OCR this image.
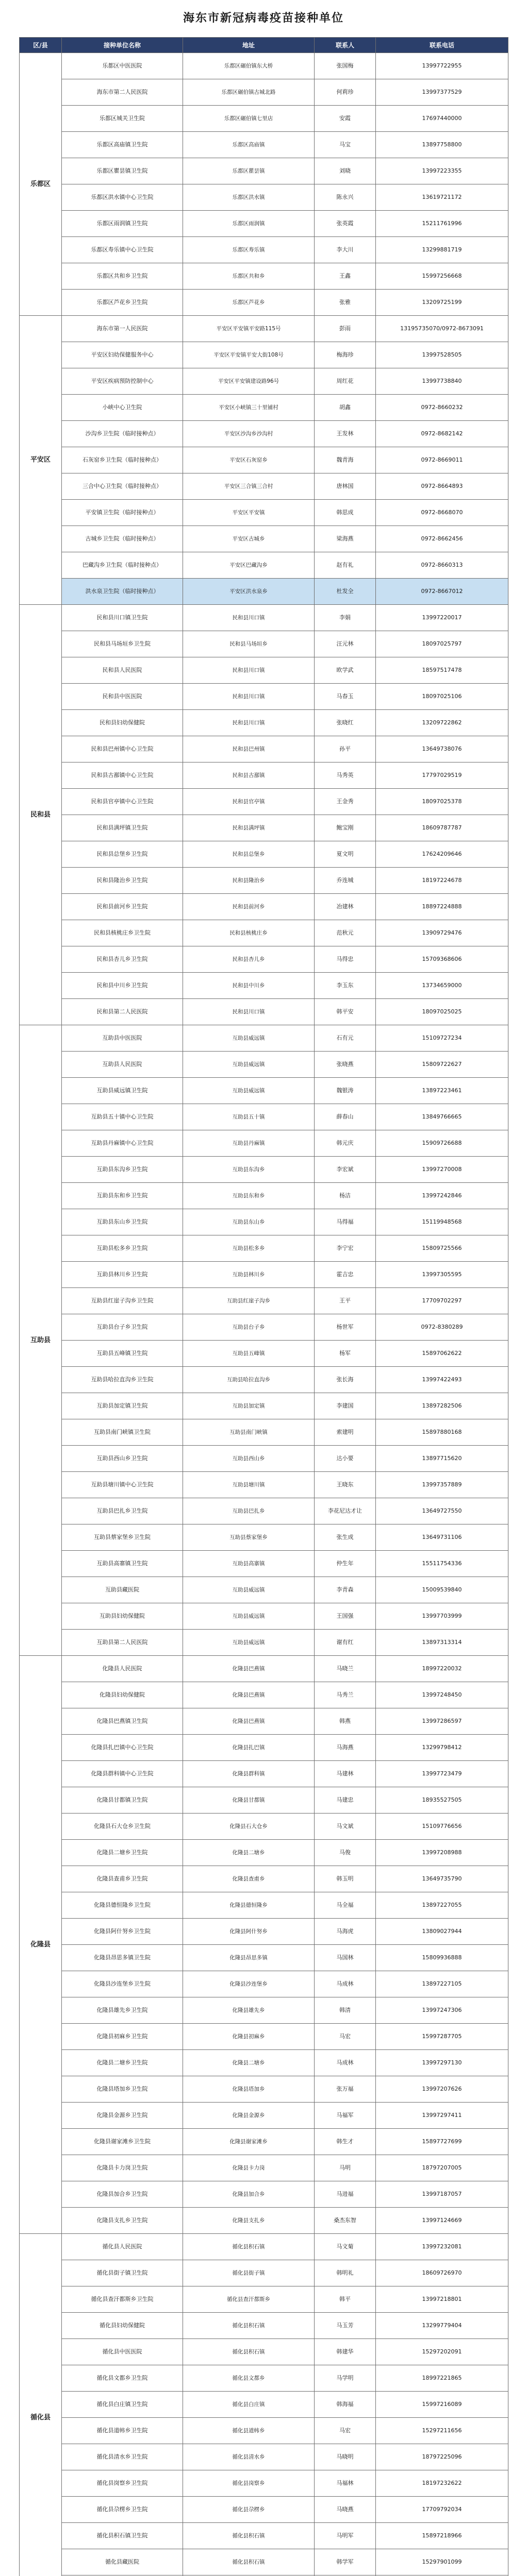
海东市新冠病毒疫苗接种单位
区/县	接种单位名称	地址	联系人	联系电话
乐都区	乐都区中医医院	乐都区碾伯镇东大桥	张国梅	13997722955
	海东市第二人民医院	乐都区碾伯镇古城北路	何莉珍	13997377529
	乐都区城关卫生院	乐都区碾伯镇七里店	安霞	17697440000
	乐都区高庙镇卫生院	乐都区高庙镇	马宝	13897758800
	乐都区瞿昙镇卫生院	乐都区瞿昙镇	刘晓	13997223355
	乐都区洪水镇中心卫生院	乐都区洪水镇	陈永兴	13619721172
	乐都区雨润镇卫生院	乐都区雨润镇	张英霞	15211761996
	乐都区寿乐镇中心卫生院	乐都区寿乐镇	李大川	13299881719
	乐都区共和乡卫生院	乐都区共和乡	王鑫	15997256668
	乐都区芦花乡卫生院	乐都区芦花乡	张雅	13209725199
平安区	海东市第一人民医院	平安区平安镇平安路115号	彭雨	13195735070/0972-8673091
	平安区妇幼保健服务中心	平安区平安镇平安大街108号	梅海珍	13997528505
	平安区疾病预防控制中心	平安区平安镇建设路96号	周红花	13997738840
	小峡中心卫生院	平安区小峡镇三十里铺村	胡鑫	0972-8660232
	沙沟乡卫生院（临时接种点）	平安区沙沟乡沙沟村	王发林	0972-8682142
	石灰窑乡卫生院（临时接种点）	平安区石灰窑乡	魏青海	0972-8669011
	三合中心卫生院（临时接种点）	平安区三合镇三合村	唐林国	0972-8664893
	平安镇卫生院（临时接种点）	平安区平安镇	韩思成	0972-8668070
	古城乡卫生院（临时接种点）	平安区古城乡	梁海燕	0972-8662456
	巴藏沟乡卫生院（临时接种点）	平安区巴藏沟乡	赵有礼	0972-8660313
	洪水泉卫生院（临时接种点）	平安区洪水泉乡	杜发全	0972-8667012
民和县	民和县川口镇卫生院	民和县川口镇	李娟	13997220017
	民和县马场垣乡卫生院	民和县马场垣乡	汪元林	18097025797
	民和县人民医院	民和县川口镇	欧学武	18597517478
	民和县中医医院	民和县川口镇	马春玉	18097025106
	民和县妇幼保健院	民和县川口镇	张晓红	13209722862
	民和县巴州镇中心卫生院	民和县巴州镇	孙平	13649738076
	民和县古鄯镇中心卫生院	民和县古鄯镇	马秀英	17797029519
	民和县官亭镇中心卫生院	民和县官亭镇	王金秀	18097025378
	民和县满坪镇卫生院	民和县满坪镇	鲍宝刚	18609787787
	民和县总堡乡卫生院	民和县总堡乡	夏文明	17624209646
	民和县隆治乡卫生院	民和县隆治乡	乔连城	18197224678
	民和县前河乡卫生院	民和县前河乡	冶建林	18897224888
	民和县核桃庄乡卫生院	民和县核桃庄乡	范秋元	13909729476
	民和县杏儿乡卫生院	民和县杏儿乡	马得忠	15709368606
	民和县中川乡卫生院	民和县中川乡	李玉东	13734659000
	民和县第二人民医院	民和县川口镇	韩平安	18097025025
互助县	互助县中医医院	互助县威远镇	石有元	15109727234
	互助县人民医院	互助县威远镇	张晓燕	15809722627
	互助县威远镇卫生院	互助县威远镇	魏银涛	13897223461
	互助县五十镇中心卫生院	互助县五十镇	薛春山	13849766665
	互助县丹麻镇中心卫生院	互助县丹麻镇	韩元庆	15909726688
	互助县东沟乡卫生院	互助县东沟乡	李宏斌	13997270008
	互助县东和乡卫生院	互助县东和乡	杨洁	13997242846
	互助县东山乡卫生院	互助县东山乡	马得福	15119948568
	互助县松多乡卫生院	互助县松多乡	李宁宏	15809725566
	互助县林川乡卫生院	互助县林川乡	霍吉忠	13997305595
	互助县红崖子沟乡卫生院	互助县红崖子沟乡	王平	17709702297
	互助县台子乡卫生院	互助县台子乡	杨世军	0972-8380289
	互助县五峰镇卫生院	互助县五峰镇	杨军	15897062622
	互助县哈拉直沟乡卫生院	互助县哈拉直沟乡	张长海	13997422493
	互助县加定镇卫生院	互助县加定镇	李建国	13897282506
	互助县南门峡镇卫生院	互助县南门峡镇	索建明	15897880168
	互助县西山乡卫生院	互助县西山乡	达小要	13897715620
	互助县塘川镇中心卫生院	互助县塘川镇	王晓东	13997357889
	互助县巴扎乡卫生院	互助县巴扎乡	李花尼达才让	13649727550
	互助县蔡家堡乡卫生院	互助县蔡家堡乡	张生成	13649731106
	互助县高寨镇卫生院	互助县高寨镇	仲生年	15511754336
	互助县藏医院	互助县威远镇	李青森	15009539840
	互助县妇幼保健院	互助县威远镇	王国强	13997703999
	互助县第二人民医院	互助县威远镇	谢有红	13897313314
化隆县	化隆县人民医院	化隆县巴燕镇	马晓兰	18997220032
	化隆县妇幼保健院	化隆县巴燕镇	马秀兰	13997248450
	化隆县巴燕镇卫生院	化隆县巴燕镇	韩燕	13997286597
	化隆县扎巴镇中心卫生院	化隆县扎巴镇	马海燕	13299798412
	化隆县群科镇中心卫生院	化隆县群科镇	马建林	13997723479
	化隆县甘都镇卫生院	化隆县甘都镇	马建忠	18935527505
	化隆县石大仓乡卫生院	化隆县石大仓乡	马文斌	15109776656
	化隆县二塘乡卫生院	化隆县二塘乡	马俊	13997208988
	化隆县查甫乡卫生院	化隆县查甫乡	韩玉明	13649735790
	化隆县德恒隆乡卫生院	化隆县德恒隆乡	马全福	13897227055
	化隆县阿什努乡卫生院	化隆县阿什努乡	马海虎	13809027944
	化隆县昂思多镇卫生院	化隆县昂思多镇	马国林	15809936888
	化隆县沙连堡乡卫生院	化隆县沙连堡乡	马成林	13897227105
	化隆县雄先乡卫生院	化隆县雄先乡	韩清	13997247306
	化隆县初麻乡卫生院	化隆县初麻乡	马宏	15997287705
	化隆县二塘乡卫生院	化隆县二塘乡	马成林	13997297130
	化隆县塔加乡卫生院	化隆县塔加乡	张万福	13997207626
	化隆县金源乡卫生院	化隆县金源乡	马福军	13997297411
	化隆县谢家滩乡卫生院	化隆县谢家滩乡	韩生才	15897727699
	化隆县卡力岗卫生院	化隆县卡力岗	马明	18797207005
	化隆县加合乡卫生院	化隆县加合乡	马进福	13997187057
	化隆县支扎乡卫生院	化隆县支扎乡	桑杰东智	13997124669
循化县	循化县人民医院	循化县积石镇	马文菊	13997232081
	循化县街子镇卫生院	循化县街子镇	韩明礼	18609726970
	循化县查汗都斯乡卫生院	循化县查汗都斯乡	韩平	13997218801
	循化县妇幼保健院	循化县积石镇	马玉芳	13299779404
	循化县中医医院	循化县积石镇	韩建华	15297202091
	循化县文都乡卫生院	循化县文都乡	马学明	18997221865
	循化县白庄镇卫生院	循化县白庄镇	韩海福	15997216089
	循化县道帏乡卫生院	循化县道帏乡	马宏	15297211656
	循化县清水乡卫生院	循化县清水乡	马晓明	18797225096
	循化县岗察乡卫生院	循化县岗察乡	马福林	18197232622
	循化县尕楞乡卫生院	循化县尕楞乡	马晓燕	17709792034
	循化县积石镇卫生院	循化县积石镇	马明军	15897218966
	循化县藏医院	循化县积石镇	韩学军	15297901099
